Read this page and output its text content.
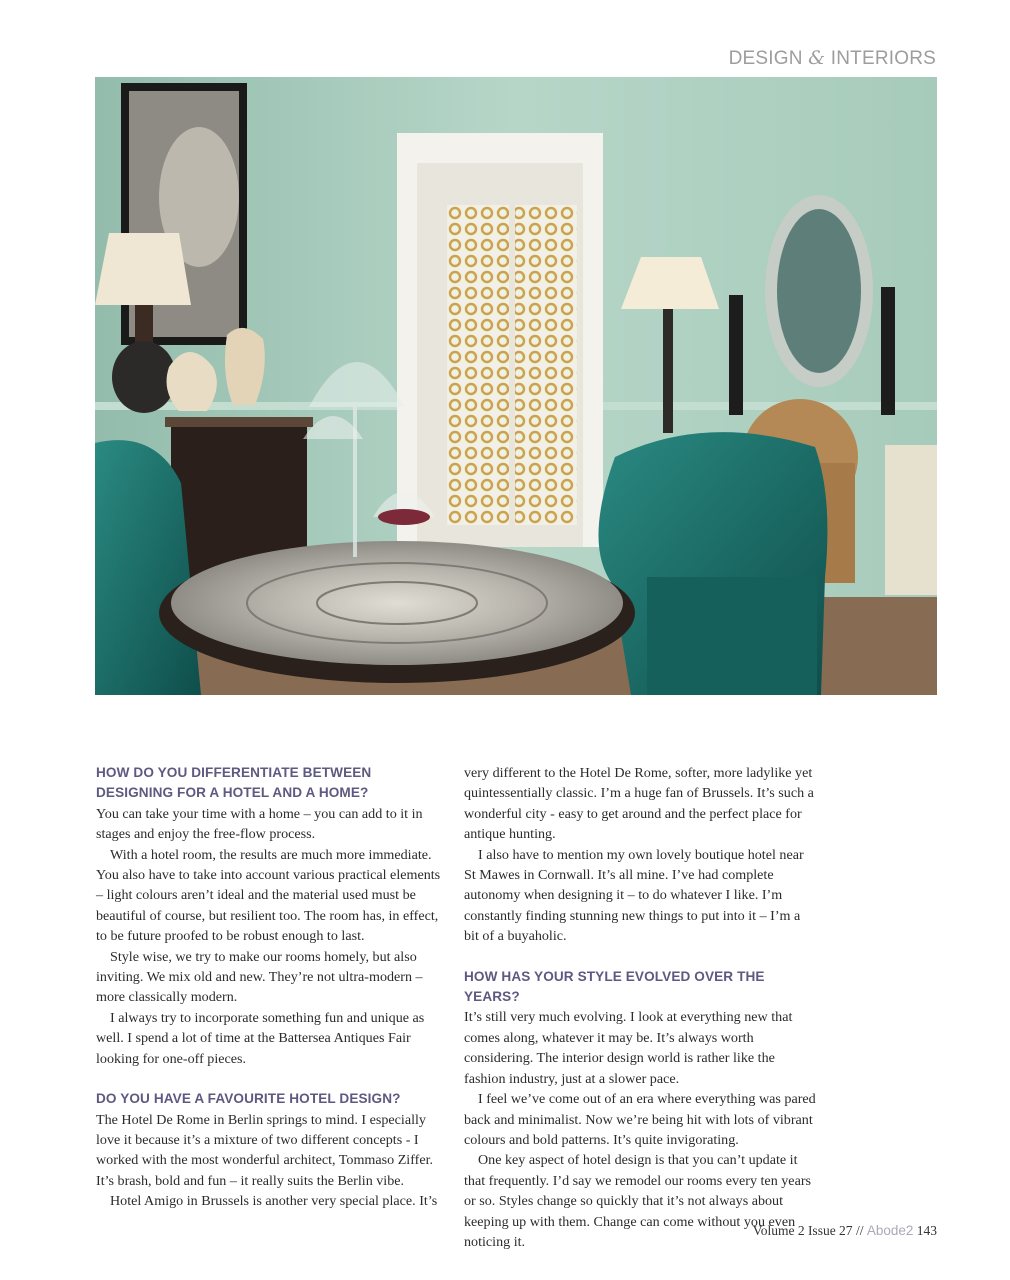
DESIGN & INTERIORS
HOW DO YOU DIFFERENTIATE BETWEEN DESIGNING FOR A HOTEL AND A HOME?

You can take your time with a home – you can add to it in stages and enjoy the free-flow process.

With a hotel room, the results are much more immediate. You also have to take into account various practical elements – light colours aren’t ideal and the material used must be beautiful of course, but resilient too. The room has, in effect, to be future proofed to be robust enough to last.

Style wise, we try to make our rooms homely, but also inviting. We mix old and new. They’re not ultra-modern – more classically modern.

I always try to incorporate something fun and unique as well. I spend a lot of time at the Battersea Antiques Fair looking for one-off pieces.

DO YOU HAVE A FAVOURITE HOTEL DESIGN?

The Hotel De Rome in Berlin springs to mind. I especially love it because it’s a mixture of two different concepts - I worked with the most wonderful architect, Tommaso Ziffer. It’s brash, bold and fun – it really suits the Berlin vibe.

Hotel Amigo in Brussels is another very special place. It’s

very different to the Hotel De Rome, softer, more ladylike yet quintessentially classic. I’m a huge fan of Brussels. It’s such a wonderful city - easy to get around and the perfect place for antique hunting.

I also have to mention my own lovely boutique hotel near St Mawes in Cornwall. It’s all mine. I’ve had complete autonomy when designing it – to do whatever I like. I’m constantly finding stunning new things to put into it – I’m a bit of a buyaholic.

HOW HAS YOUR STYLE EVOLVED OVER THE YEARS?

It’s still very much evolving. I look at everything new that comes along, whatever it may be. It’s always worth considering. The interior design world is rather like the fashion industry, just at a slower pace.

I feel we’ve come out of an era where everything was pared back and minimalist. Now we’re being hit with lots of vibrant colours and bold patterns. It’s quite invigorating.

One key aspect of hotel design is that you can’t update it that frequently. I’d say we remodel our rooms every ten years or so. Styles change so quickly that it’s not always about keeping up with them. Change can come without you even noticing it.

Volume 2 Issue 27 // Abode2 143
